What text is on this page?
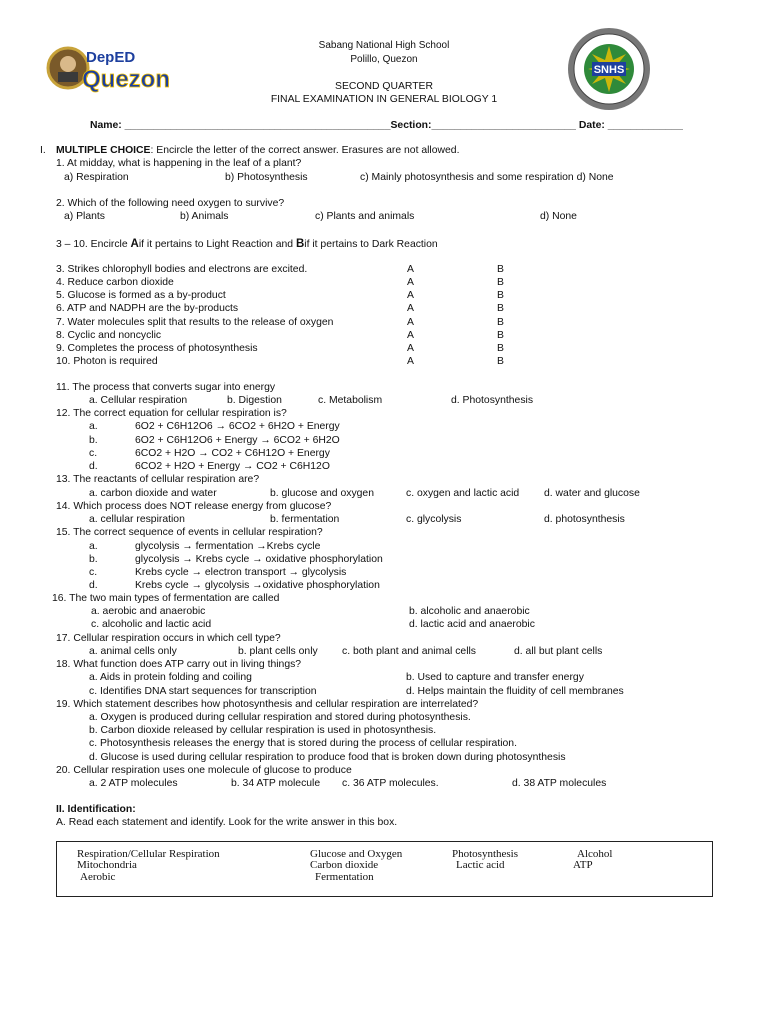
DepED
Quezon	SNHS
Sabang National High School
Polillo, Quezon
SECOND QUARTER
FINAL EXAMINATION IN GENERAL BIOLOGY 1
Name: ______________________________________________Section:_________________________ Date: _____________
I. MULTIPLE CHOICE: Encircle the letter of the correct answer. Erasures are not allowed.
1. At midday, what is happening in the leaf of a plant?
a) Respiration	b) Photosynthesis	c) Mainly photosynthesis and some respiration d) None
2. Which of the following need oxygen to survive?
a) Plants	b) Animals	c) Plants and animals	d) None
3 – 10. Encircle Aif it pertains to Light Reaction and Bif it pertains to Dark Reaction
3. Strikes chlorophyll bodies and electrons are excited.	A	B
4. Reduce carbon dioxide	A	B
5. Glucose is formed as a by-product	A	B
6. ATP and NADPH are the by-products	A	B
7. Water molecules split that results to the release of oxygen	A	B
8. Cyclic and noncyclic	A	B
9. Completes the process of photosynthesis	A	B
10. Photon is required	A	B
11. The process that converts sugar into energy
a. Cellular respiration	b. Digestion	c. Metabolism	d. Photosynthesis
12. The correct equation for cellular respiration is?
a.	6O2 + C6H12O6 → 6CO2 + 6H2O + Energy
b.	6O2 + C6H12O6 + Energy → 6CO2 + 6H2O
c.	6CO2 + H2O → CO2 + C6H12O + Energy
d.	6CO2 + H2O + Energy → CO2 + C6H12O
13. The reactants of cellular respiration are?
a. carbon dioxide and water	b. glucose and oxygen	c. oxygen and lactic acid d. water and glucose
14. Which process does NOT release energy from glucose?
a. cellular respiration	b. fermentation	c. glycolysis	d. photosynthesis
15. The correct sequence of events in cellular respiration?
a.	glycolysis → fermentation →Krebs cycle
b.	glycolysis → Krebs cycle → oxidative phosphorylation
c.	Krebs cycle → electron transport → glycolysis
d.	Krebs cycle → glycolysis →oxidative phosphorylation
16. The two main types of fermentation are called
a. aerobic and anaerobic	b. alcoholic and anaerobic
c. alcoholic and lactic acid	d. lactic acid and anaerobic
17. Cellular respiration occurs in which cell type?
a. animal cells only	b. plant cells only c. both plant and animal cells	d. all but plant cells
18. What function does ATP carry out in living things?
a. Aids in protein folding and coiling	b. Used to capture and transfer energy
c. Identifies DNA start sequences for transcription	d. Helps maintain the fluidity of cell membranes
19. Which statement describes how photosynthesis and cellular respiration are interrelated?
a. Oxygen is produced during cellular respiration and stored during photosynthesis.
b. Carbon dioxide released by cellular respiration is used in photosynthesis.
c. Photosynthesis releases the energy that is stored during the process of cellular respiration.
d. Glucose is used during cellular respiration to produce food that is broken down during photosynthesis
20. Cellular respiration uses one molecule of glucose to produce
a. 2 ATP molecules	b. 34 ATP molecule c. 36 ATP molecules.	d. 38 ATP molecules
II. Identification:
A. Read each statement and identify. Look for the write answer in this box.
Respiration/Cellular Respiration	Glucose and Oxygen	Photosynthesis	Alcohol
Mitochondria	Carbon dioxide	Lactic acid	ATP
Aerobic	Fermentation
